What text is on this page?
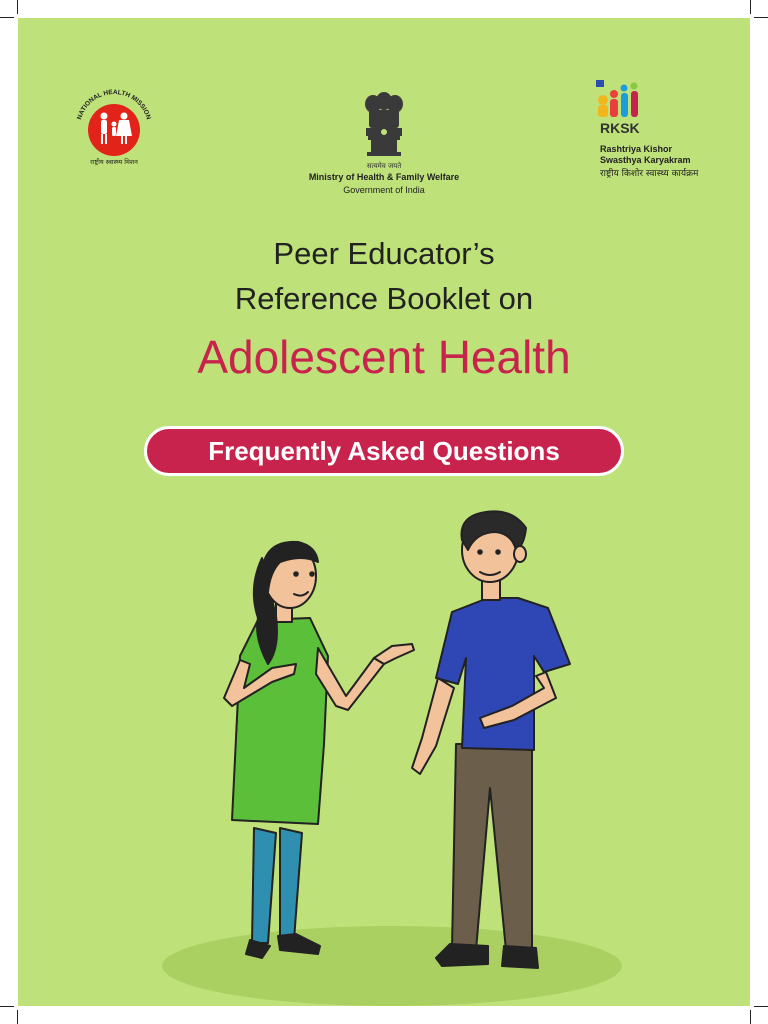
NATIONAL HEALTH MISSION
राष्ट्रीय स्वास्थ्य मिशन	सत्यमेव जयते
Ministry of Health & Family Welfare
Government of India
RKSK
Rashtriya Kishor
Swasthya Karyakram
राष्ट्रीय किशोर स्वास्थ्य कार्यक्रम
Peer Educator’s
Reference Booklet on
Adolescent Health
Frequently Asked Questions
